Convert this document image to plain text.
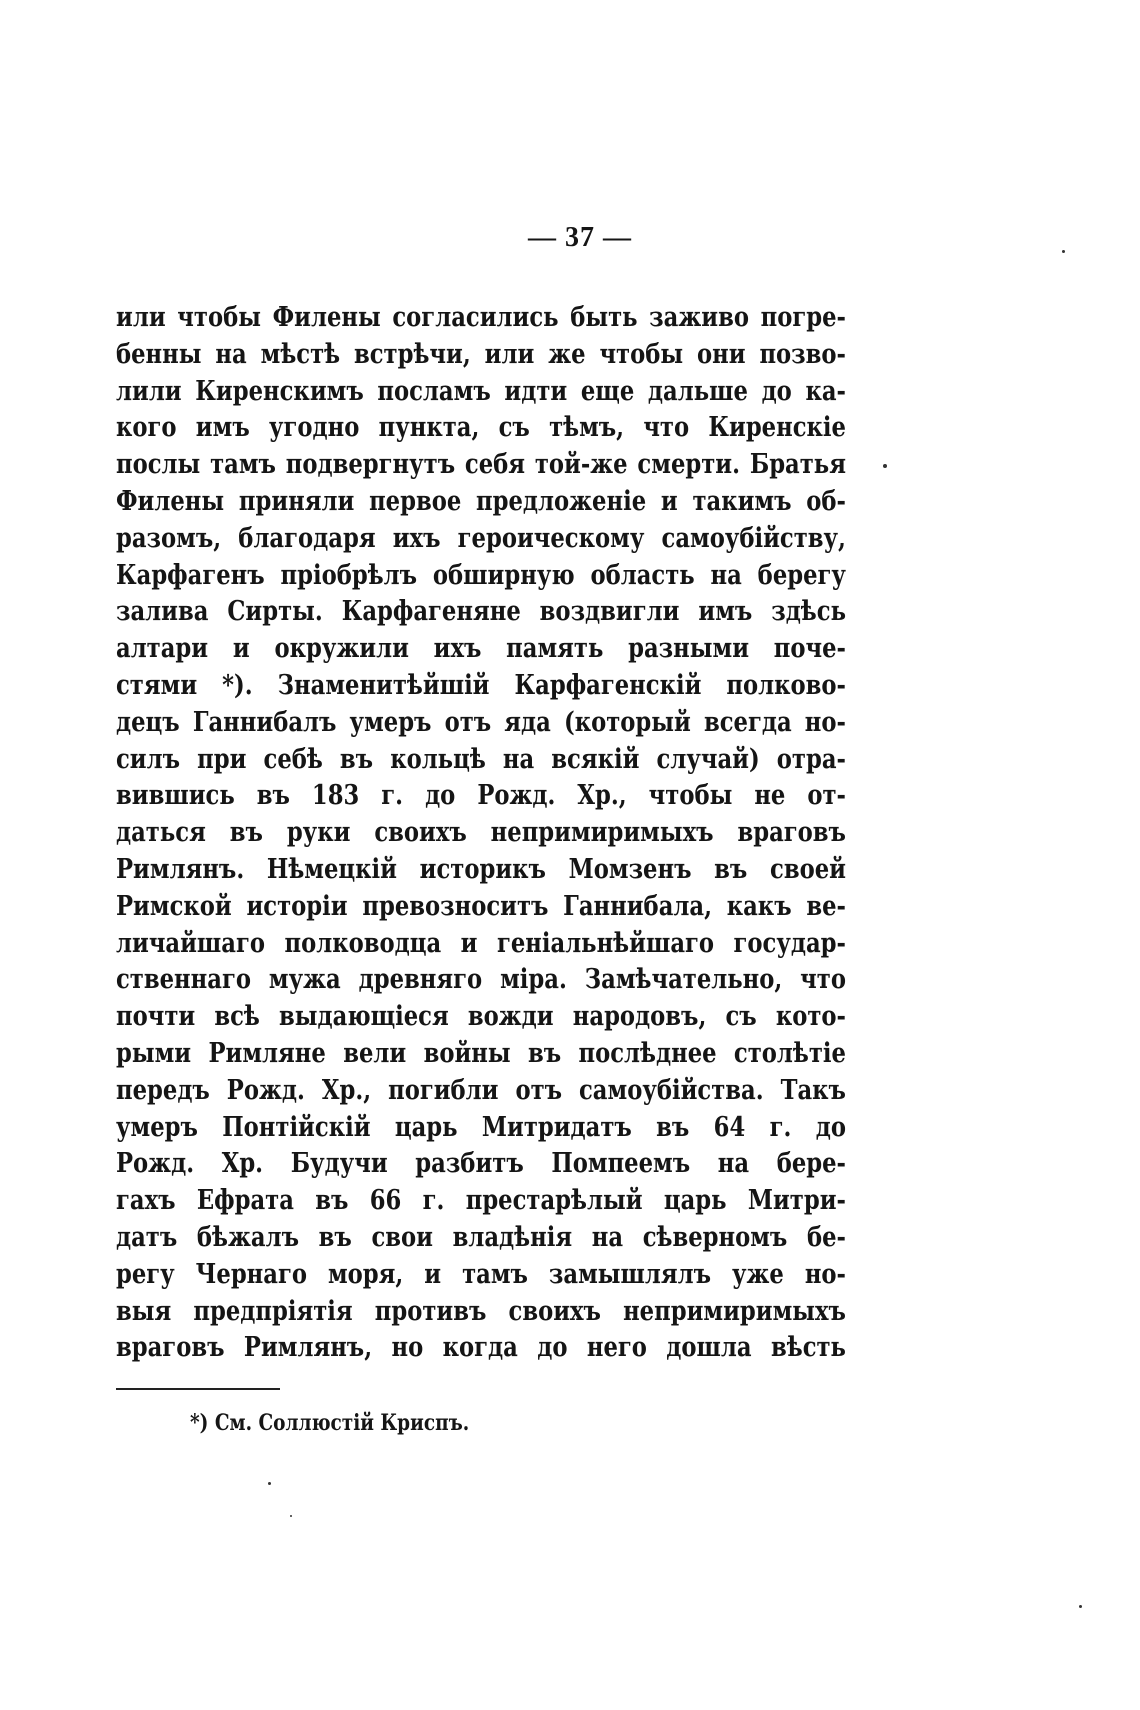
— 37 —
или чтобы Филены согласились быть заживо погре-
бенны на мѣстѣ встрѣчи, или же чтобы они позво-
лили Киренскимъ посламъ идти еще дальше до ка-
кого имъ угодно пункта, съ тѣмъ, что Киренскіе
послы тамъ подвергнутъ себя той-же смерти. Братья
Филены приняли первое предложеніе и такимъ об-
разомъ, благодаря ихъ героическому самоубійству,
Карфагенъ пріобрѣлъ обширную область на берегу
залива Сирты. Карфагеняне воздвигли имъ здѣсь
алтари и окружили ихъ память разными поче-
стями *). Знаменитѣйшій Карфагенскій полково-
децъ Ганнибалъ умеръ отъ яда (который всегда но-
силъ при себѣ въ кольцѣ на всякій случай) отра-
вившись въ 183 г. до Рожд. Хр., чтобы не от-
даться въ руки своихъ непримиримыхъ враговъ
Римлянъ. Нѣмецкій историкъ Момзенъ въ своей
Римской исторіи превозноситъ Ганнибала, какъ ве-
личайшаго полководца и геніальнѣйшаго государ-
ственнаго мужа древняго міра. Замѣчательно, что
почти всѣ выдающіеся вожди народовъ, съ кото-
рыми Римляне вели войны въ послѣднее столѣтіе
передъ Рожд. Хр., погибли отъ самоубійства. Такъ
умеръ Понтійскій царь Митридатъ въ 64 г. до
Рожд. Хр. Будучи разбитъ Помпеемъ на бере-
гахъ Ефрата въ 66 г. престарѣлый царь Митри-
датъ бѣжалъ въ свои владѣнія на сѣверномъ бе-
регу Чернаго моря, и тамъ замышлялъ уже но-
выя предпріятія противъ своихъ непримиримыхъ
враговъ Римлянъ, но когда до него дошла вѣсть
*) См. Соллюстій Криспъ.
